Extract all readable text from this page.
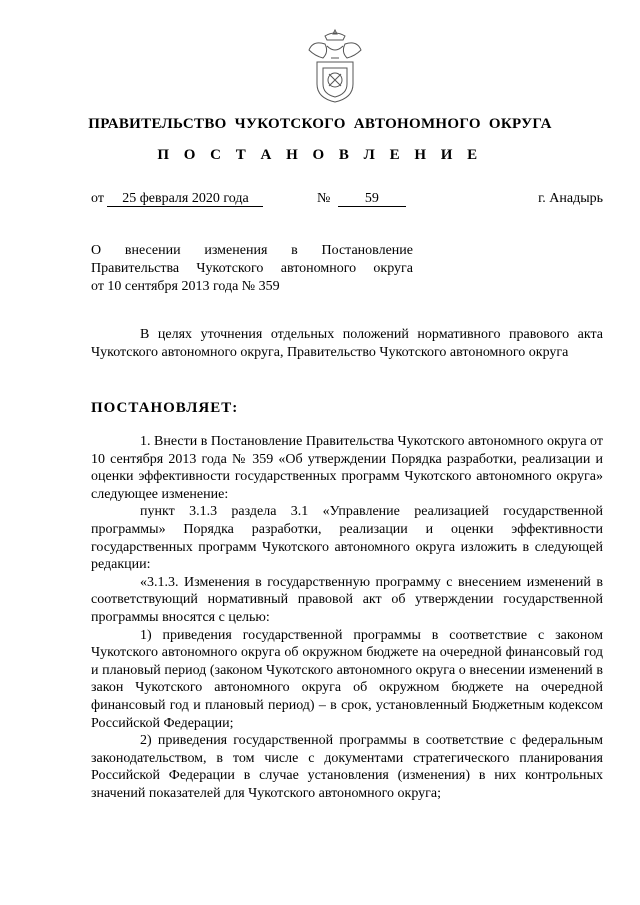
ПРАВИТЕЛЬСТВО ЧУКОТСКОГО АВТОНОМНОГО ОКРУГА
П О С Т А Н О В Л Е Н И Е
от 25 февраля 2020 года	№ 59	г. Анадырь
О внесении изменения в Постановление
Правительства Чукотского автономного округа
от 10 сентября 2013 года № 359

В целях уточнения отдельных положений нормативного правового акта Чукотского автономного округа, Правительство Чукотского автономного округа

ПОСТАНОВЛЯЕТ:

1. Внести в Постановление Правительства Чукотского автономного округа от 10 сентября 2013 года № 359 «Об утверждении Порядка разработки, реализации и оценки эффективности государственных программ Чукотского автономного округа» следующее изменение:

пункт 3.1.3 раздела 3.1 «Управление реализацией государственной программы» Порядка разработки, реализации и оценки эффективности государственных программ Чукотского автономного округа изложить в следующей редакции:

«3.1.3. Изменения в государственную программу с внесением изменений в соответствующий нормативный правовой акт об утверждении государственной программы вносятся с целью:

1) приведения государственной программы в соответствие с законом Чукотского автономного округа об окружном бюджете на очередной финансовый год и плановый период (законом Чукотского автономного округа о внесении изменений в закон Чукотского автономного округа об окружном бюджете на очередной финансовый год и плановый период) – в срок, установленный Бюджетным кодексом Российской Федерации;

2) приведения государственной программы в соответствие с федеральным законодательством, в том числе с документами стратегического планирования Российской Федерации в случае установления (изменения) в них контрольных значений показателей для Чукотского автономного округа;
